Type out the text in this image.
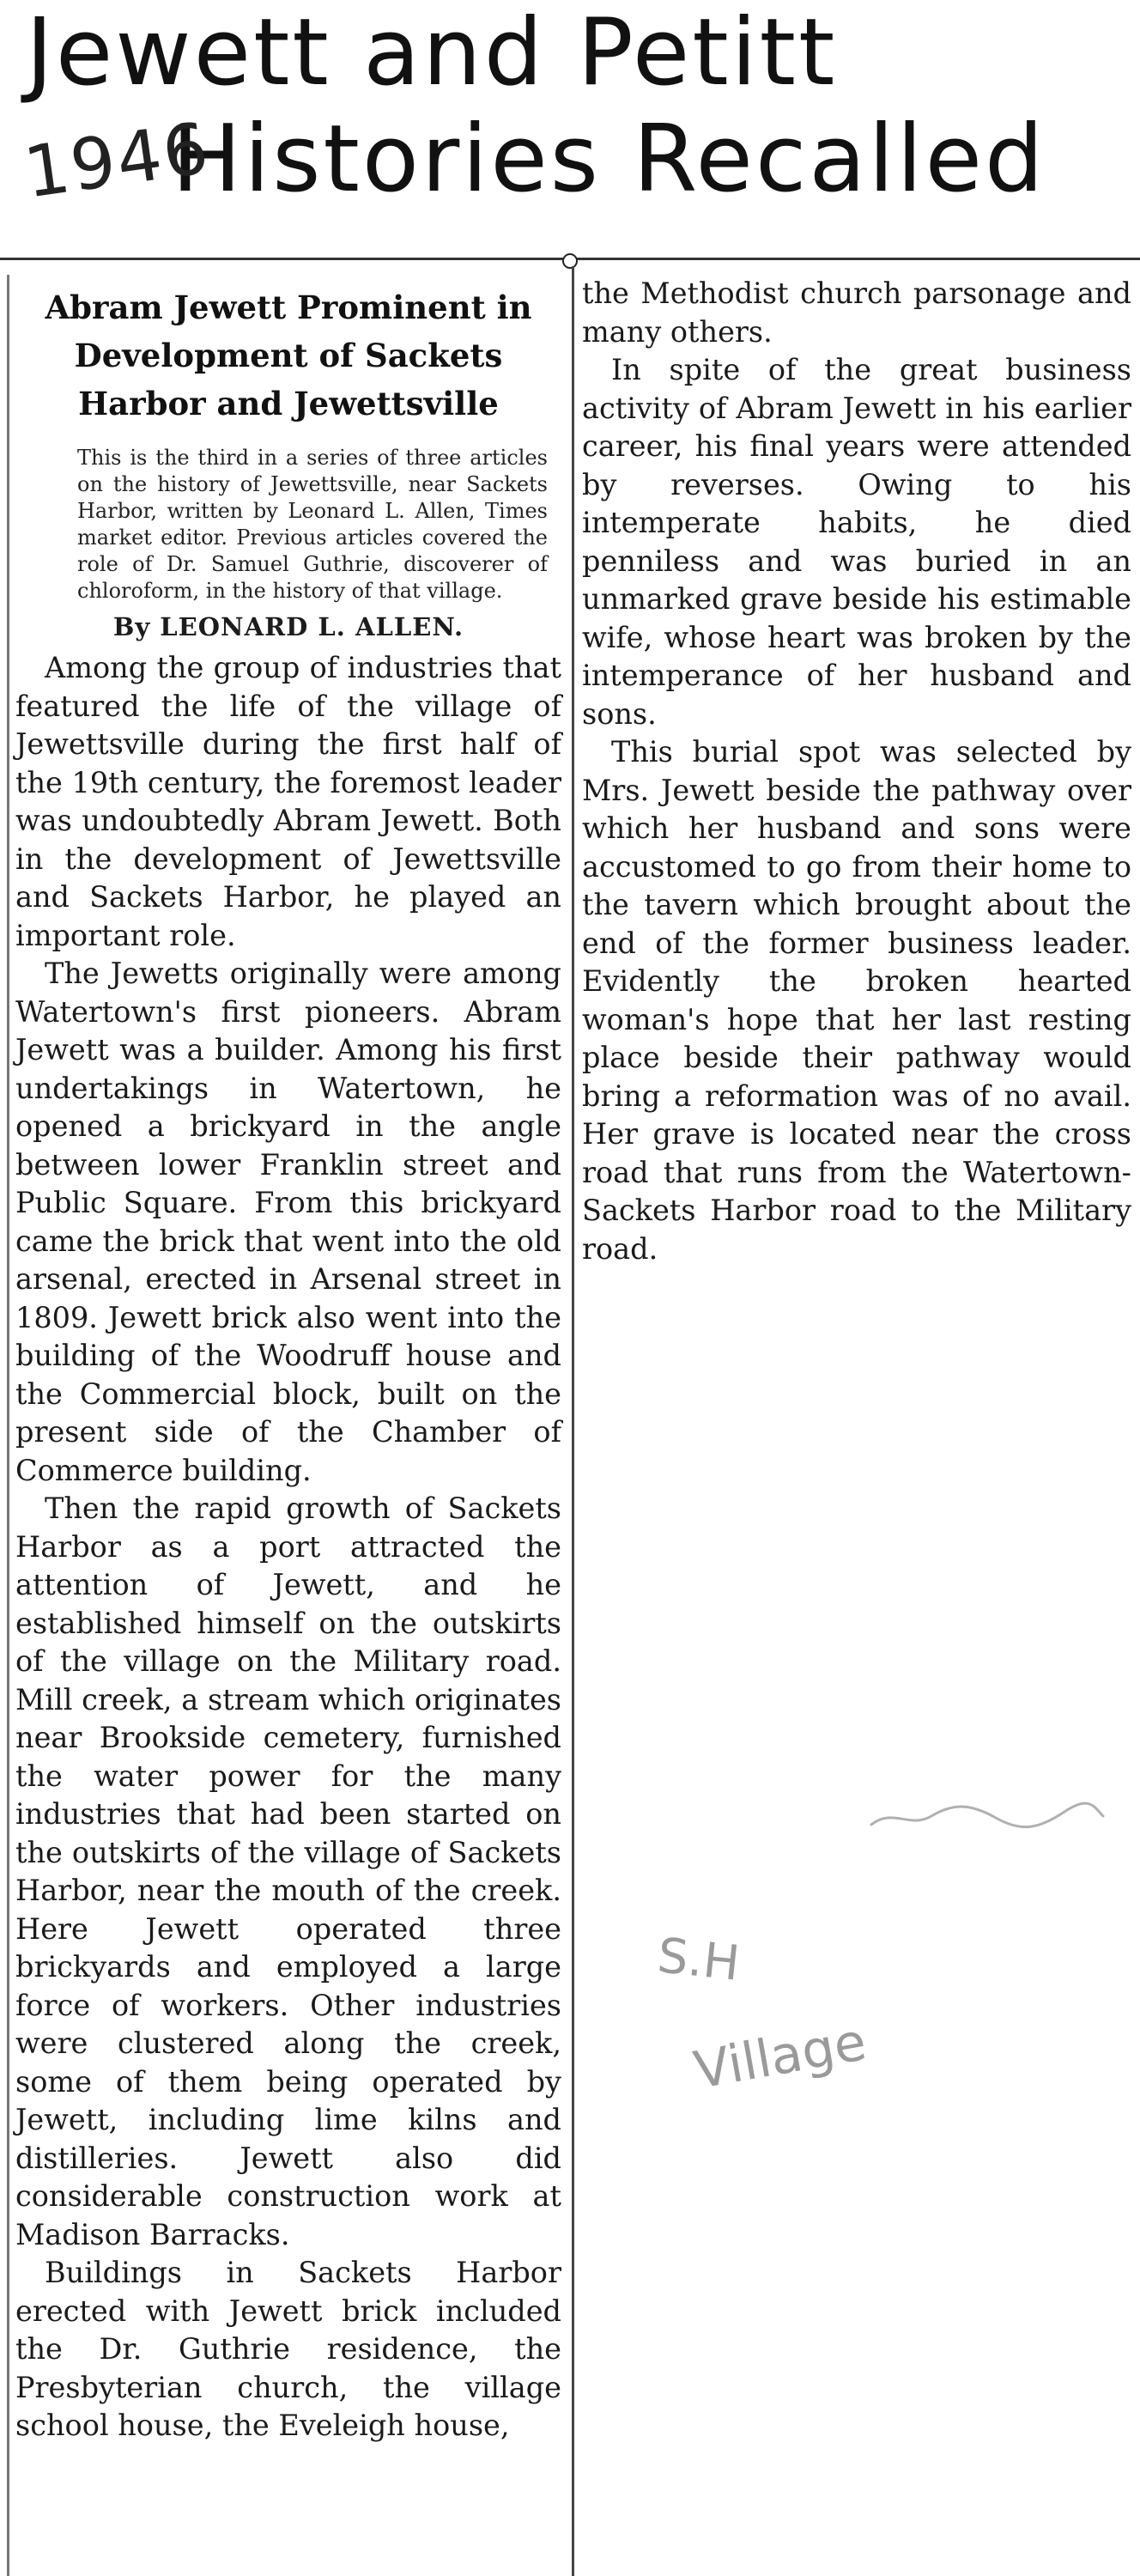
Jewett and Petitt
Histories Recalled
1946
Abram Jewett Prominent in Development of Sackets Harbor and Jewettsville
This is the third in a series of three articles on the history of Jewettsville, near Sackets Harbor, written by Leonard L. Allen, Times market editor. Previous articles covered the role of Dr. Samuel Guthrie, discoverer of chloroform, in the history of that village.
By LEONARD L. ALLEN.

Among the group of industries that featured the life of the village of Jewettsville during the first half of the 19th century, the foremost leader was undoubtedly Abram Jewett. Both in the development of Jewettsville and Sackets Harbor, he played an important role.

The Jewetts originally were among Watertown's first pioneers. Abram Jewett was a builder. Among his first undertakings in Watertown, he opened a brickyard in the angle between lower Franklin street and Public Square. From this brickyard came the brick that went into the old arsenal, erected in Arsenal street in 1809. Jewett brick also went into the building of the Woodruff house and the Commercial block, built on the present side of the Chamber of Commerce building.

Then the rapid growth of Sackets Harbor as a port attracted the attention of Jewett, and he established himself on the outskirts of the village on the Military road. Mill creek, a stream which originates near Brookside cemetery, furnished the water power for the many industries that had been started on the outskirts of the village of Sackets Harbor, near the mouth of the creek. Here Jewett operated three brickyards and employed a large force of workers. Other industries were clustered along the creek, some of them being operated by Jewett, including lime kilns and distilleries. Jewett also did considerable construction work at Madison Barracks.

Buildings in Sackets Harbor erected with Jewett brick included the Dr. Guthrie residence, the Presbyterian church, the village school house, the Eveleigh house,

the Methodist church parsonage and many others.

In spite of the great business activity of Abram Jewett in his earlier career, his final years were attended by reverses. Owing to his intemperate habits, he died penniless and was buried in an unmarked grave beside his estimable wife, whose heart was broken by the intemperance of her husband and sons.

This burial spot was selected by Mrs. Jewett beside the pathway over which her husband and sons were accustomed to go from their home to the tavern which brought about the end of the former business leader. Evidently the broken hearted woman's hope that her last resting place beside their pathway would bring a reformation was of no avail. Her grave is located near the cross road that runs from the Watertown-Sackets Harbor road to the Military road.

S.H
Village
